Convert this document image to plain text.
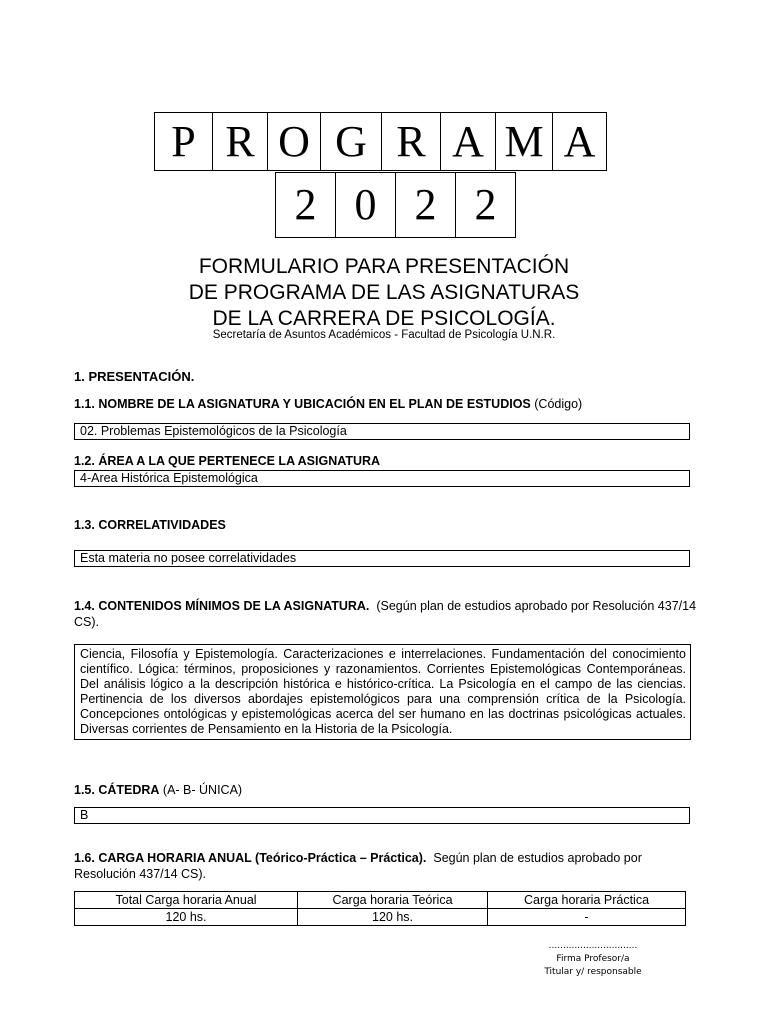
P R O G R A M A
2 0 2 2
FORMULARIO PARA PRESENTACIÓN
DE PROGRAMA DE LAS ASIGNATURAS
DE LA CARRERA DE PSICOLOGÍA.
Secretaría de Asuntos Académicos - Facultad de Psicología U.N.R.
1. PRESENTACIÓN.
1.1. NOMBRE DE LA ASIGNATURA Y UBICACIÓN EN EL PLAN DE ESTUDIOS (Código)
02. Problemas Epistemológicos de la Psicología
1.2. ÁREA A LA QUE PERTENECE LA ASIGNATURA
4-Area Histórica Epistemológica
1.3. CORRELATIVIDADES
Esta materia no posee correlatividades
1.4. CONTENIDOS MÍNIMOS DE LA ASIGNATURA. (Según plan de estudios aprobado por Resolución 437/14 CS).
Ciencia, Filosofía y Epistemología. Caracterizaciones e interrelaciones. Fundamentación del conocimiento científico. Lógica: términos, proposiciones y razonamientos. Corrientes Epistemológicas Contemporáneas. Del análisis lógico a la descripción histórica e histórico-crítica. La Psicología en el campo de las ciencias. Pertinencia de los diversos abordajes epistemológicos para una comprensión crítica de la Psicología. Concepciones ontológicas y epistemológicas acerca del ser humano en las doctrinas psicológicas actuales. Diversas corrientes de Pensamiento en la Historia de la Psicología.
1.5. CÁTEDRA (A- B- ÚNICA)
B
1.6. CARGA HORARIA ANUAL (Teórico-Práctica – Práctica). Según plan de estudios aprobado por Resolución 437/14 CS).
Total Carga horaria Anual	Carga horaria Teórica	Carga horaria Práctica
120 hs.	120 hs.	-
...............................
Firma Profesor/a
Titular y/ responsable
